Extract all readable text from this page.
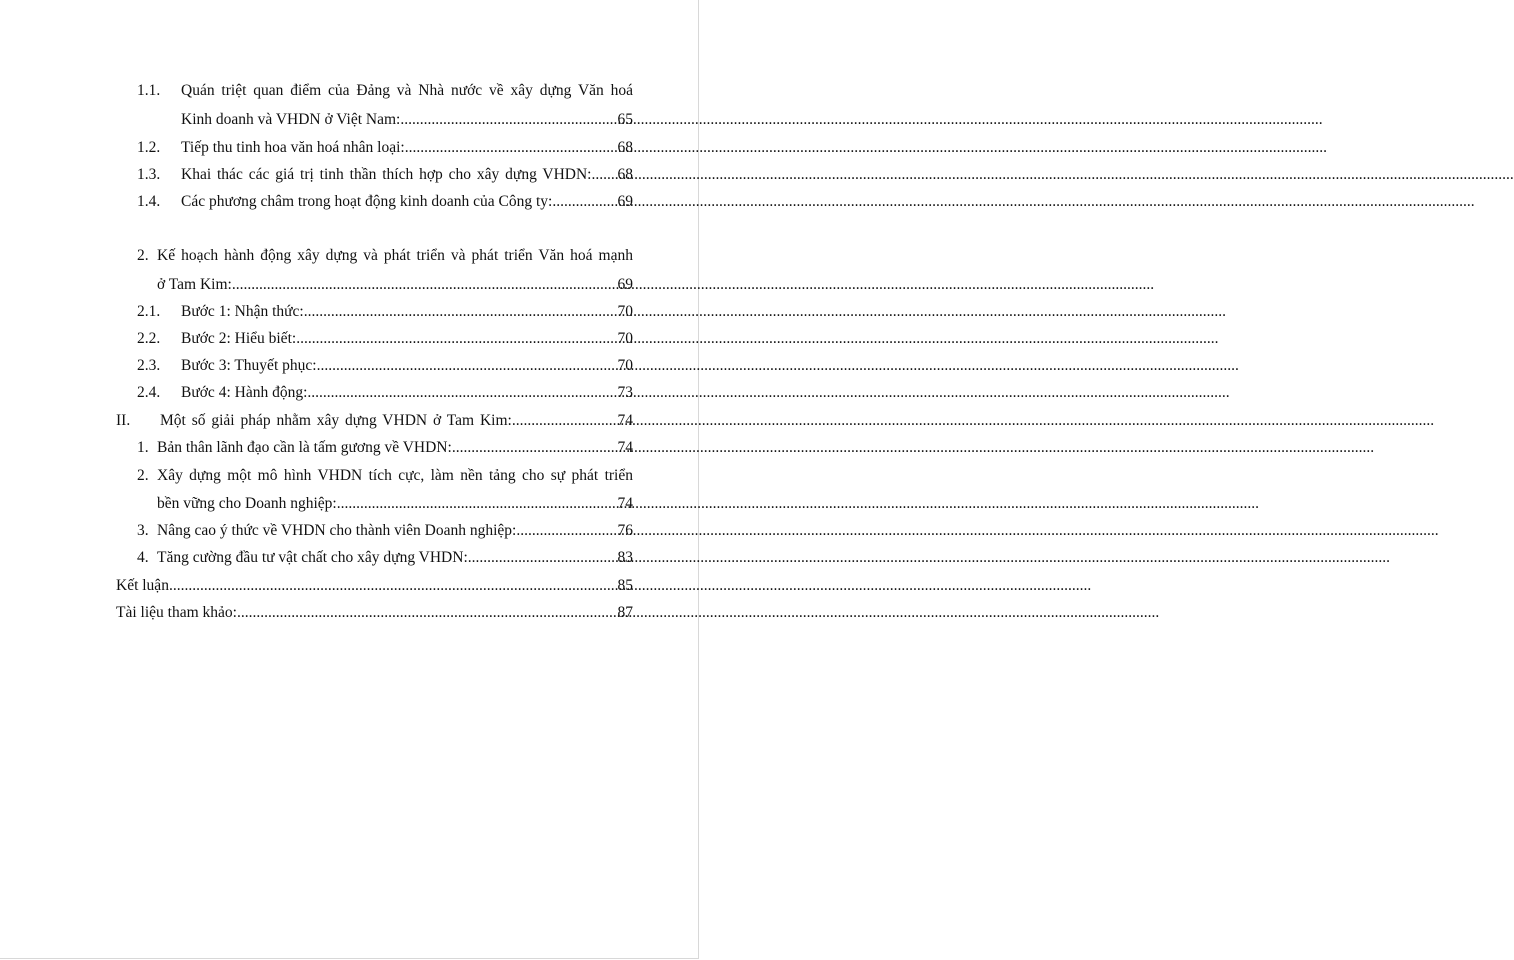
1.1.	Quán triệt quan điểm của Đảng và Nhà nước về xây dựng Văn hoá
Kinh doanh và VHDN ở Việt Nam: .....	65
1.2.	Tiếp thu tinh hoa văn hoá nhân loại: .....	68
1.3.	Khai thác các giá trị tinh thần thích hợp cho xây dựng VHDN: ..... 68
1.4.	Các phương châm trong hoạt động kinh doanh của Công ty: .....	69
2. Kế hoạch hành động xây dựng và phát triển và phát triển Văn hoá mạnh
ở Tam Kim: .....	69
2.1.	Bước 1: Nhận thức: .....	70
2.2.	Bước 2: Hiểu biết: .....	70
2.3.	Bước 3: Thuyết phục: .....	70
2.4.	Bước 4: Hành động: .....	73
II.	Một số giải pháp nhằm xây dựng VHDN ở Tam Kim: .....	74
1. Bản thân lãnh đạo cần là tấm gương về VHDN: .....	74
2. Xây dựng một mô hình VHDN tích cực, làm nền tảng cho sự phát triển
bền vững cho Doanh nghiệp: .....	74
3. Nâng cao ý thức về VHDN cho thành viên Doanh nghiệp: .....	76
4. Tăng cường đầu tư vật chất cho xây dựng VHDN: .....	83
Kết luận .....	85
Tài liệu tham khảo: .....	87
